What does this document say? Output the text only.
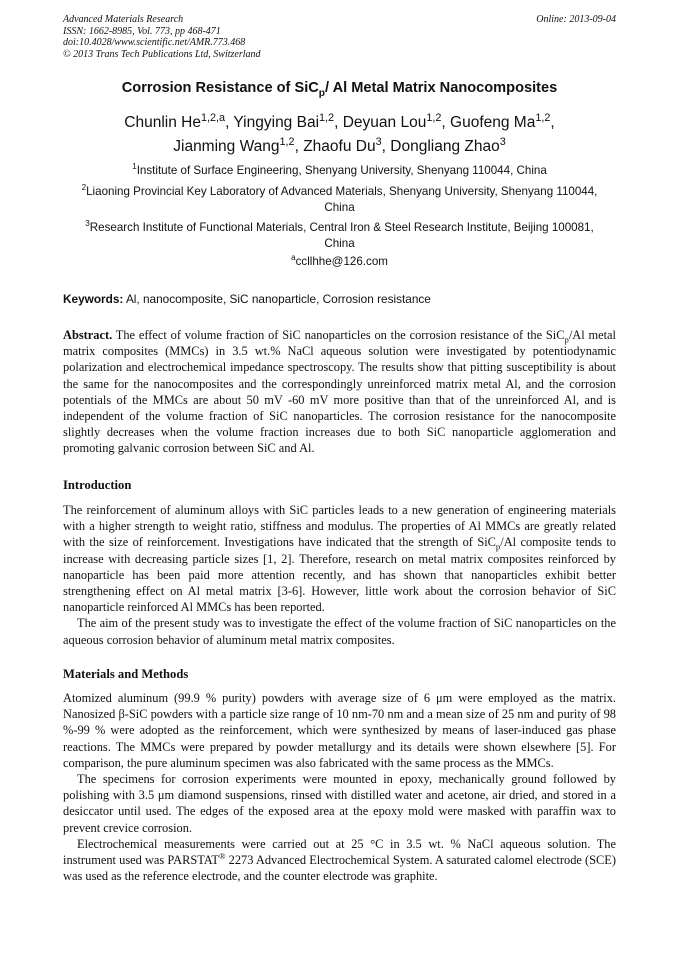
Advanced Materials Research
ISSN: 1662-8985, Vol. 773, pp 468-471
doi:10.4028/www.scientific.net/AMR.773.468
© 2013 Trans Tech Publications Ltd, Switzerland
Online: 2013-09-04
Corrosion Resistance of SiC$_p$/ Al Metal Matrix Nanocomposites
Chunlin He$^{1,2,a}$, Yingying Bai$^{1,2}$, Deyuan Lou$^{1,2}$, Guofeng Ma$^{1,2}$,
Jianming Wang$^{1,2}$, Zhaofu Du$^3$, Dongliang Zhao$^3$
$^1$Institute of Surface Engineering, Shenyang University, Shenyang 110044, China
$^2$Liaoning Provincial Key Laboratory of Advanced Materials, Shenyang University, Shenyang 110044,
China
$^3$Research Institute of Functional Materials, Central Iron & Steel Research Institute, Beijing 100081,
China
$^a$ccllhhe@126.com
Keywords: Al, nanocomposite, SiC nanoparticle, Corrosion resistance

Abstract. The effect of volume fraction of SiC nanoparticles on the corrosion resistance of the SiC$_p$/Al metal matrix composites (MMCs) in 3.5 wt.% NaCl aqueous solution were investigated by potentiodynamic polarization and electrochemical impedance spectroscopy. The results show that pitting susceptibility is about the same for the nanocomposites and the correspondingly unreinforced matrix metal Al, and the corrosion potentials of the MMCs are about 50 mV -60 mV more positive than that of the unreinforced Al, and is independent of the volume fraction of SiC nanoparticles. The corrosion resistance for the nanocomposite slightly decreases when the volume fraction increases due to both SiC nanoparticle agglomeration and promoting galvanic corrosion between SiC and Al.

Introduction

The reinforcement of aluminum alloys with SiC particles leads to a new generation of engineering materials with a higher strength to weight ratio, stiffness and modulus. The properties of Al MMCs are greatly related with the size of reinforcement. Investigations have indicated that the strength of SiC$_p$/Al composite tends to increase with decreasing particle sizes [1, 2]. Therefore, research on metal matrix composites reinforced by nanoparticle has been paid more attention recently, and has shown that nanoparticles exhibit better strengthening effect on Al metal matrix [3-6]. However, little work about the corrosion behavior of SiC nanoparticle reinforced Al MMCs has been reported.

The aim of the present study was to investigate the effect of the volume fraction of SiC nanoparticles on the aqueous corrosion behavior of aluminum metal matrix composites.

Materials and Methods

Atomized aluminum (99.9 % purity) powders with average size of 6 μm were employed as the matrix. Nanosized β-SiC powders with a particle size range of 10 nm-70 nm and a mean size of 25 nm and purity of 98 %-99 % were adopted as the reinforcement, which were synthesized by means of laser-induced gas phase reactions. The MMCs were prepared by powder metallurgy and its details were shown elsewhere [5]. For comparison, the pure aluminum specimen was also fabricated with the same process as the MMCs.

The specimens for corrosion experiments were mounted in epoxy, mechanically ground followed by polishing with 3.5 μm diamond suspensions, rinsed with distilled water and acetone, air dried, and stored in a desiccator until used. The edges of the exposed area at the epoxy mold were masked with paraffin wax to prevent crevice corrosion.

Electrochemical measurements were carried out at 25 °C in 3.5 wt. % NaCl aqueous solution. The instrument used was PARSTAT® 2273 Advanced Electrochemical System. A saturated calomel electrode (SCE) was used as the reference electrode, and the counter electrode was graphite.
